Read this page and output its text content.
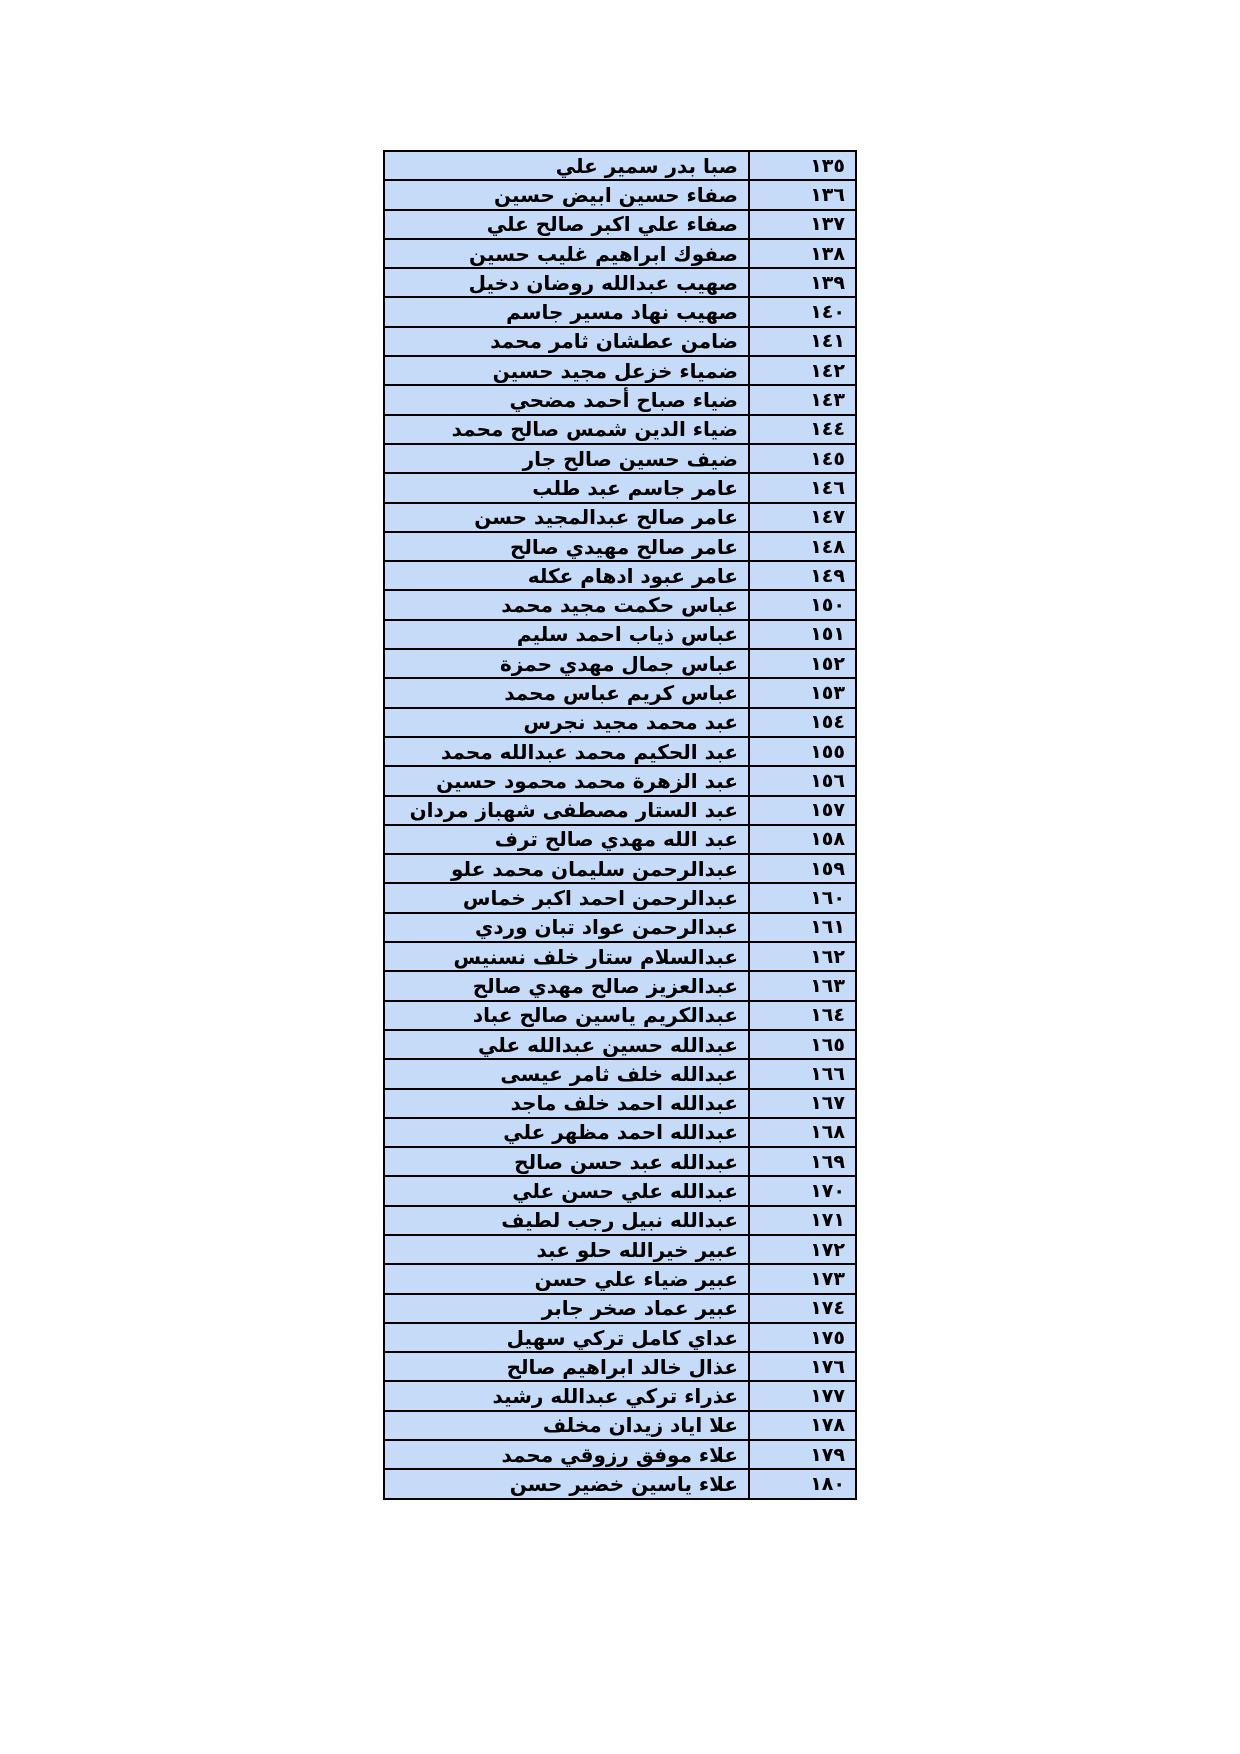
١٣٥	صبا بدر سمير علي
١٣٦	صفاء حسين ابيض حسين
١٣٧	صفاء علي اكبر صالح علي
١٣٨	صفوك ابراهيم غليب حسين
١٣٩	صهيب عبدالله روضان دخيل
١٤٠	صهيب نهاد مسير جاسم
١٤١	ضامن عطشان ثامر محمد
١٤٢	ضمياء خزعل مجيد حسين
١٤٣	ضياء صباح أحمد مضحي
١٤٤	ضياء الدين شمس صالح محمد
١٤٥	ضيف حسين صالح جار
١٤٦	عامر جاسم عبد طلب
١٤٧	عامر صالح عبدالمجيد حسن
١٤٨	عامر صالح مهيدي صالح
١٤٩	عامر عبود ادهام عكله
١٥٠	عباس حكمت مجيد محمد
١٥١	عباس ذياب احمد سليم
١٥٢	عباس جمال مهدي حمزة
١٥٣	عباس كريم عباس محمد
١٥٤	عبد محمد مجيد نجرس
١٥٥	عبد الحكيم محمد عبدالله محمد
١٥٦	عبد الزهرة محمد محمود حسين
١٥٧	عبد الستار مصطفى شهباز مردان
١٥٨	عبد الله مهدي صالح ترف
١٥٩	عبدالرحمن سليمان محمد علو
١٦٠	عبدالرحمن احمد اكبر خماس
١٦١	عبدالرحمن عواد تبان وردي
١٦٢	عبدالسلام ستار خلف نسنيس
١٦٣	عبدالعزيز صالح مهدي صالح
١٦٤	عبدالكريم ياسين صالح عباد
١٦٥	عبدالله حسين عبدالله علي
١٦٦	عبدالله خلف ثامر عيسى
١٦٧	عبدالله احمد خلف ماجد
١٦٨	عبدالله احمد مظهر علي
١٦٩	عبدالله عبد حسن صالح
١٧٠	عبدالله علي حسن علي
١٧١	عبدالله نبيل رجب لطيف
١٧٢	عبير خيرالله حلو عبد
١٧٣	عبير ضياء علي حسن
١٧٤	عبير عماد صخر جابر
١٧٥	عداي كامل تركي سهيل
١٧٦	عذال خالد ابراهيم صالح
١٧٧	عذراء تركي عبدالله رشيد
١٧٨	علا اياد زيدان مخلف
١٧٩	علاء موفق رزوقي محمد
١٨٠	علاء ياسين خضير حسن
